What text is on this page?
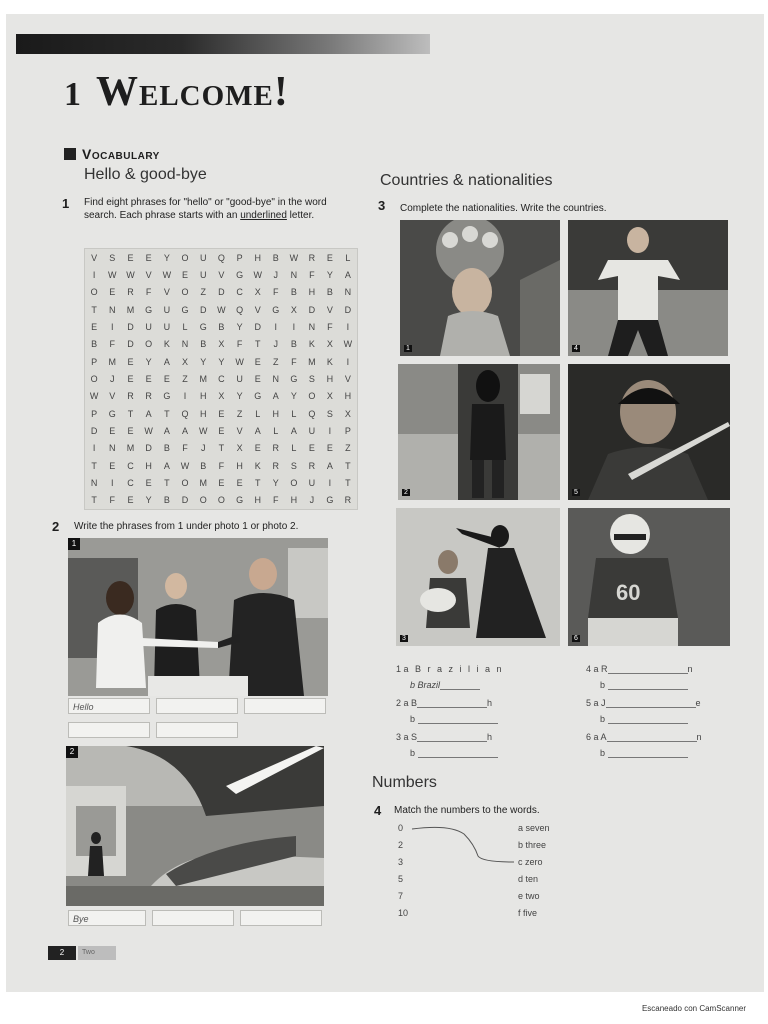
1 Welcome!
Vocabulary
Hello & good-bye	Countries & nationalities
1 Find eight phrases for "hello" or "good-bye" in the word search. Each phrase starts with an underlined letter.
V	S	E	E	Y	O	U	Q	P	H	B	W	R	E	L
I	W	W	V	W	E	U	V	G	W	J	N	F	Y	A
O	E	R	F	V	O	Z	D	C	X	F	B	H	B	N
T	N	M	G	U	G	D	W	Q	V	G	X	D	V	D
E	I	D	U	U	L	G	B	Y	D	I	I	N	F	I
B	F	D	O	K	N	B	X	F	T	J	B	K	X	W
P	M	E	Y	A	X	Y	Y	W	E	Z	F	M	K	I
O	J	E	E	E	Z	M	C	U	E	N	G	S	H	V
W	V	R	R	G	I	H	X	Y	G	A	Y	O	X	H
P	G	T	A	T	Q	H	E	Z	L	H	L	Q	S	X
D	E	E	W	A	A	W	E	V	A	L	A	U	I	P
I	N	M	D	B	F	J	T	X	E	R	L	E	E	Z
T	E	C	H	A	W	B	F	H	K	R	S	R	A	T
N	I	C	E	T	O	M	E	E	T	Y	O	U	I	T
T	F	E	Y	B	D	O	O	G	H	F	H	J	G	R
2 Write the phrases from 1 under photo 1 or photo 2.
1
Hello
2
Bye
3 Complete the nationalities. Write the countries.
1	4
2	5
3
60
6
1 a B r a z i l i a n
b Brazil
2 a B	h
b
3 a S	h
b
4 a R	n
b
5 a J	e
b
6 a A	n
b
Numbers
4 Match the numbers to the words.
0
2
3
5
7
10
a seven
b three
c zero
d ten
e two
f five
2	Two
Escaneado con CamScanner
